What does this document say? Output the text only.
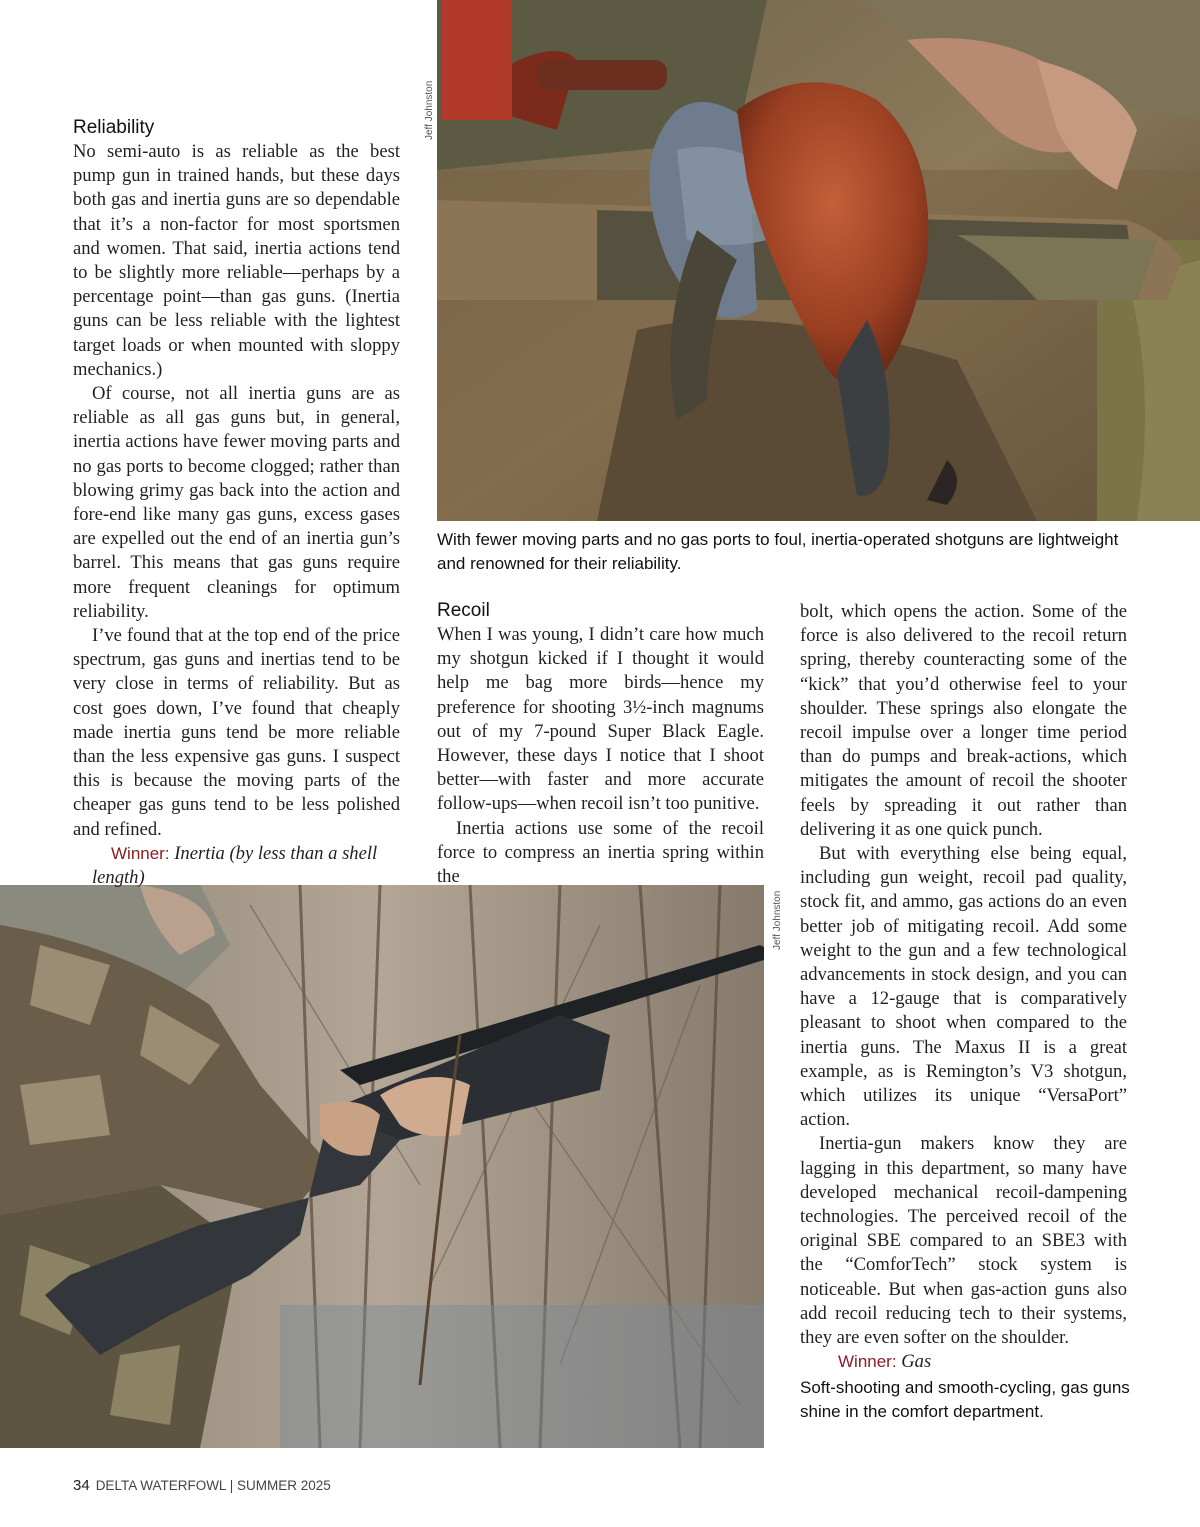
Jeff Johnston
With fewer moving parts and no gas ports to foul, inertia-operated shotguns are lightweight and renowned for their reliability.
Jeff Johnston
Reliability

No semi-auto is as reliable as the best pump gun in trained hands, but these days both gas and inertia guns are so dependable that it’s a non-factor for most sportsmen and women. That said, inertia actions tend to be slightly more reliable—perhaps by a percentage point—than gas guns. (Inertia guns can be less reliable with the lightest target loads or when mounted with sloppy mechanics.)

Of course, not all inertia guns are as reliable as all gas guns but, in general, inertia actions have fewer moving parts and no gas ports to become clogged; rather than blowing grimy gas back into the action and fore-end like many gas guns, excess gases are expelled out the end of an inertia gun’s barrel. This means that gas guns require more frequent cleanings for optimum reliability.

I’ve found that at the top end of the price spectrum, gas guns and inertias tend to be very close in terms of reliability. But as cost goes down, I’ve found that cheaply made inertia guns tend be more reliable than the less expensive gas guns. I suspect this is because the moving parts of the cheaper gas guns tend to be less polished and refined.

Winner: Inertia (by less than a shell length)

Recoil

When I was young, I didn’t care how much my shotgun kicked if I thought it would help me bag more birds—hence my preference for shooting 3½-inch magnums out of my 7-pound Super Black Eagle. However, these days I notice that I shoot better—with faster and more accurate follow-ups—when recoil isn’t too punitive.

Inertia actions use some of the recoil force to compress an inertia spring within the

bolt, which opens the action. Some of the force is also delivered to the recoil return spring, thereby counteracting some of the “kick” that you’d otherwise feel to your shoulder. These springs also elongate the recoil impulse over a longer time period than do pumps and break-actions, which mitigates the amount of recoil the shooter feels by spreading it out rather than delivering it as one quick punch.

But with everything else being equal, including gun weight, recoil pad quality, stock fit, and ammo, gas actions do an even better job of mitigating recoil. Add some weight to the gun and a few technological advancements in stock design, and you can have a 12-gauge that is comparatively pleasant to shoot when compared to the inertia guns. The Maxus II is a great example, as is Remington’s V3 shotgun, which utilizes its unique “VersaPort” action.

Inertia-gun makers know they are lagging in this department, so many have developed mechanical recoil-dampening technologies. The perceived recoil of the original SBE compared to an SBE3 with the “ComforTech” stock system is noticeable. But when gas-action guns also add recoil reducing tech to their systems, they are even softer on the shoulder.

Winner: Gas

Soft-shooting and smooth-cycling, gas guns shine in the comfort department.
34 DELTA WATERFOWL | SUMMER 2025
